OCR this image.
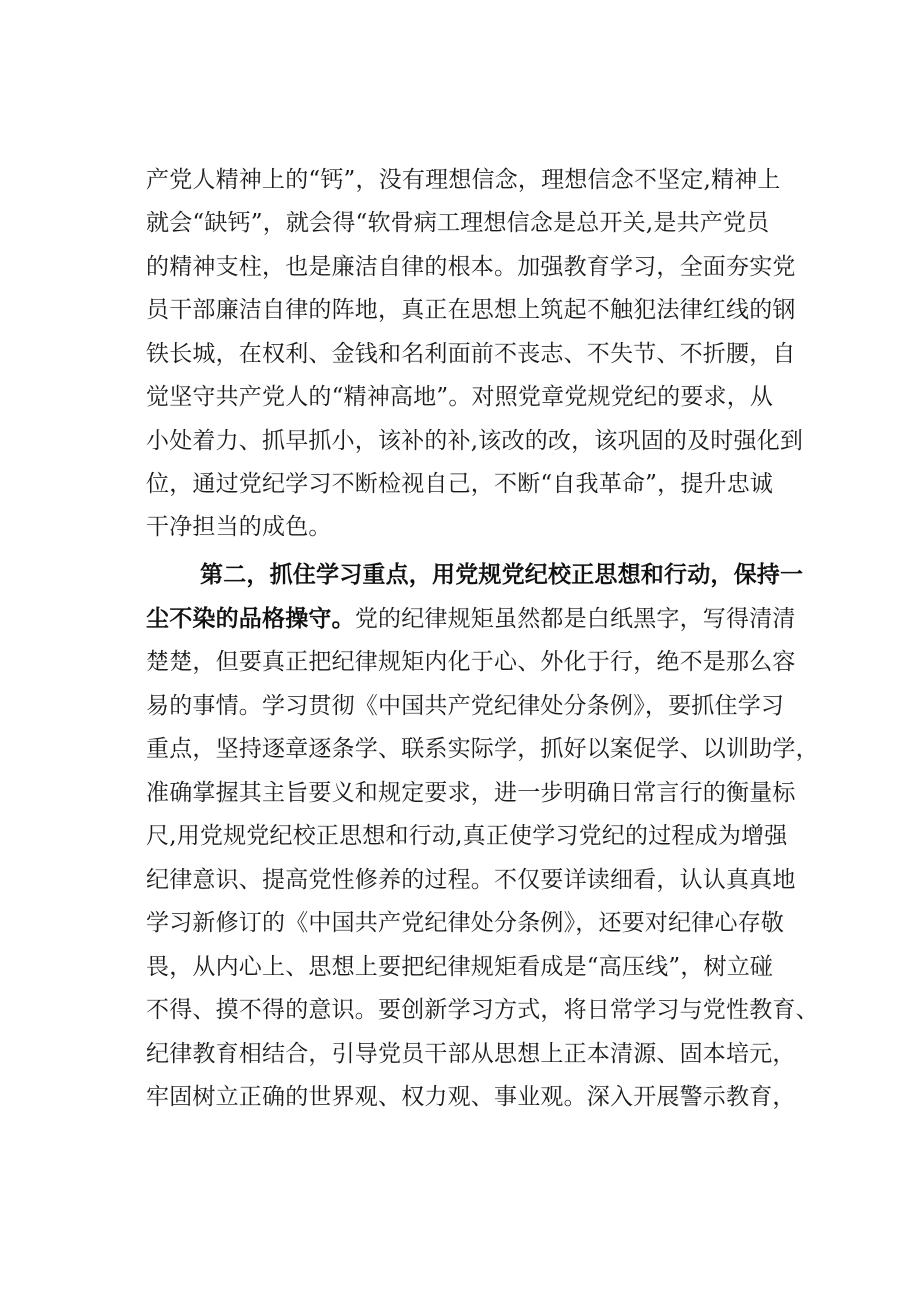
产党人精神上的“钙”，没有理想信念，理想信念不坚定,精神上
就会“缺钙”，就会得“软骨病工理想信念是总开关,是共产党员
的精神支柱，也是廉洁自律的根本。加强教育学习，全面夯实党
员干部廉洁自律的阵地，真正在思想上筑起不触犯法律红线的钢
铁长城，在权利、金钱和名利面前不丧志、不失节、不折腰，自
觉坚守共产党人的“精神高地”。对照党章党规党纪的要求，从
小处着力、抓早抓小，该补的补,该改的改，该巩固的及时强化到
位，通过党纪学习不断检视自己，不断“自我革命”，提升忠诚
干净担当的成色。
第二，抓住学习重点，用党规党纪校正思想和行动，保持一
尘不染的品格操守。党的纪律规矩虽然都是白纸黑字，写得清清
楚楚，但要真正把纪律规矩内化于心、外化于行，绝不是那么容
易的事情。学习贯彻《中国共产党纪律处分条例》，要抓住学习
重点，坚持逐章逐条学、联系实际学，抓好以案促学、以训助学，
准确掌握其主旨要义和规定要求，进一步明确日常言行的衡量标
尺,用党规党纪校正思想和行动,真正使学习党纪的过程成为增强
纪律意识、提高党性修养的过程。不仅要详读细看，认认真真地
学习新修订的《中国共产党纪律处分条例》，还要对纪律心存敬
畏，从内心上、思想上要把纪律规矩看成是“高压线”，树立碰
不得、摸不得的意识。要创新学习方式，将日常学习与党性教育、
纪律教育相结合，引导党员干部从思想上正本清源、固本培元，
牢固树立正确的世界观、权力观、事业观。深入开展警示教育，
